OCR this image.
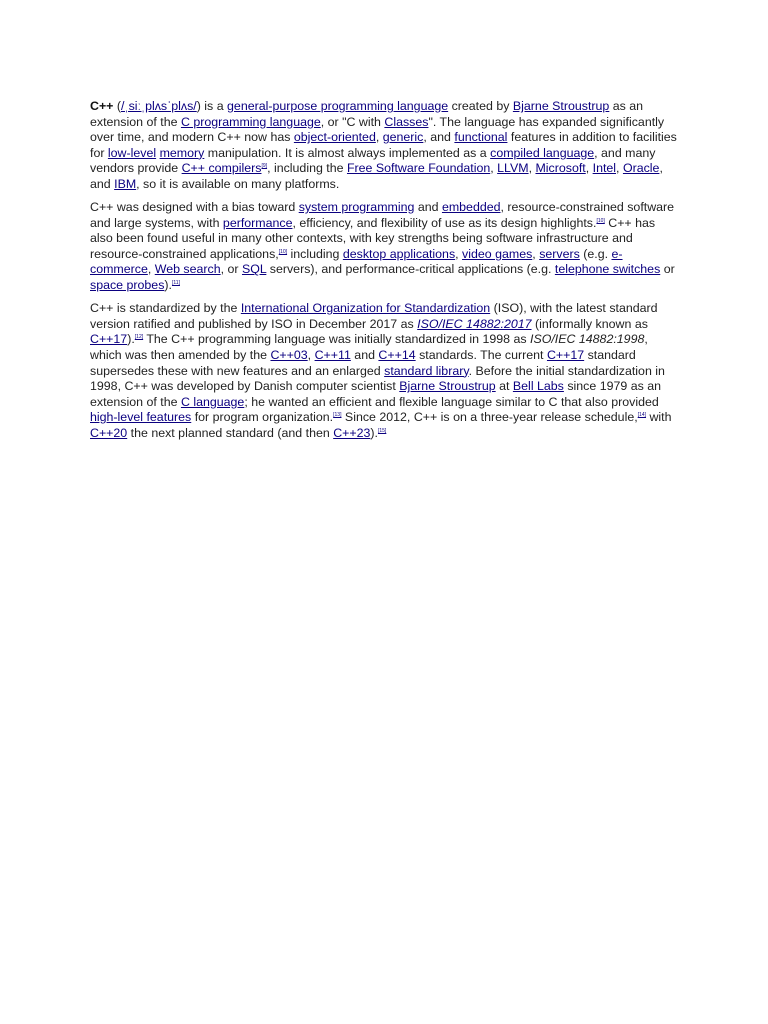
C++ (/ˌsiːˌplʌsˈplʌs/) is a general-purpose programming language created by Bjarne Stroustrup as an extension of the C programming language, or "C with Classes". The language has expanded significantly over time, and modern C++ now has object-oriented, generic, and functional features in addition to facilities for low-level memory manipulation. It is almost always implemented as a compiled language, and many vendors provide C++ compilers[9], including the Free Software Foundation, LLVM, Microsoft, Intel, Oracle, and IBM, so it is available on many platforms.

C++ was designed with a bias toward system programming and embedded, resource-constrained software and large systems, with performance, efficiency, and flexibility of use as its design highlights.[10] C++ has also been found useful in many other contexts, with key strengths being software infrastructure and resource-constrained applications,[10] including desktop applications, video games, servers (e.g. e-commerce, Web search, or SQL servers), and performance-critical applications (e.g. telephone switches or space probes).[11]

C++ is standardized by the International Organization for Standardization (ISO), with the latest standard version ratified and published by ISO in December 2017 as ISO/IEC 14882:2017 (informally known as C++17).[12] The C++ programming language was initially standardized in 1998 as ISO/IEC 14882:1998, which was then amended by the C++03, C++11 and C++14 standards. The current C++17 standard supersedes these with new features and an enlarged standard library. Before the initial standardization in 1998, C++ was developed by Danish computer scientist Bjarne Stroustrup at Bell Labs since 1979 as an extension of the C language; he wanted an efficient and flexible language similar to C that also provided high-level features for program organization.[13] Since 2012, C++ is on a three-year release schedule,[14] with C++20 the next planned standard (and then C++23).[15]
